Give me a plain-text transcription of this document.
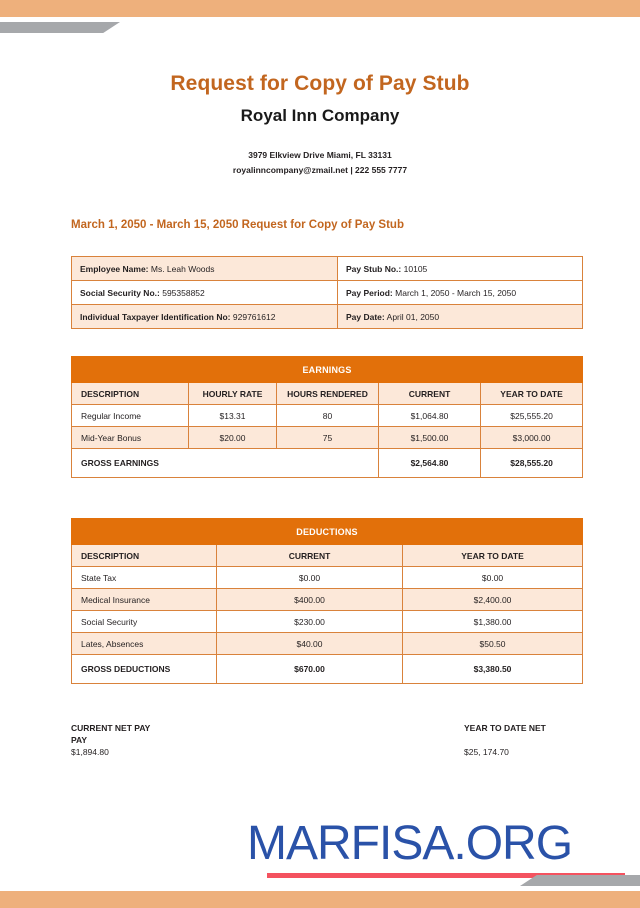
Request for Copy of Pay Stub
Royal Inn Company
3979 Elkview Drive Miami, FL 33131
royalinncompany@zmail.net | 222 555 7777
March 1, 2050 - March 15, 2050 Request for Copy of Pay Stub
Employee Name: Ms. Leah Woods	Pay Stub No.: 10105
Social Security No.: 595358852	Pay Period: March 1, 2050 - March 15, 2050
Individual Taxpayer Identification No: 929761612	Pay Date: April 01, 2050
EARNINGS				
DESCRIPTION	HOURLY RATE	HOURS RENDERED	CURRENT	YEAR TO DATE
Regular Income	$13.31	80	$1,064.80	$25,555.20
Mid-Year Bonus	$20.00	75	$1,500.00	$3,000.00
GROSS EARNINGS			$2,564.80	$28,555.20
DEDUCTIONS		
DESCRIPTION	CURRENT	YEAR TO DATE
State Tax	$0.00	$0.00
Medical Insurance	$400.00	$2,400.00
Social Security	$230.00	$1,380.00
Lates, Absences	$40.00	$50.50
GROSS DEDUCTIONS	$670.00	$3,380.50
CURRENT NET PAY	YEAR TO DATE NET
PAY
$1,894.80	$25, 174.70
MARFISA.ORG
